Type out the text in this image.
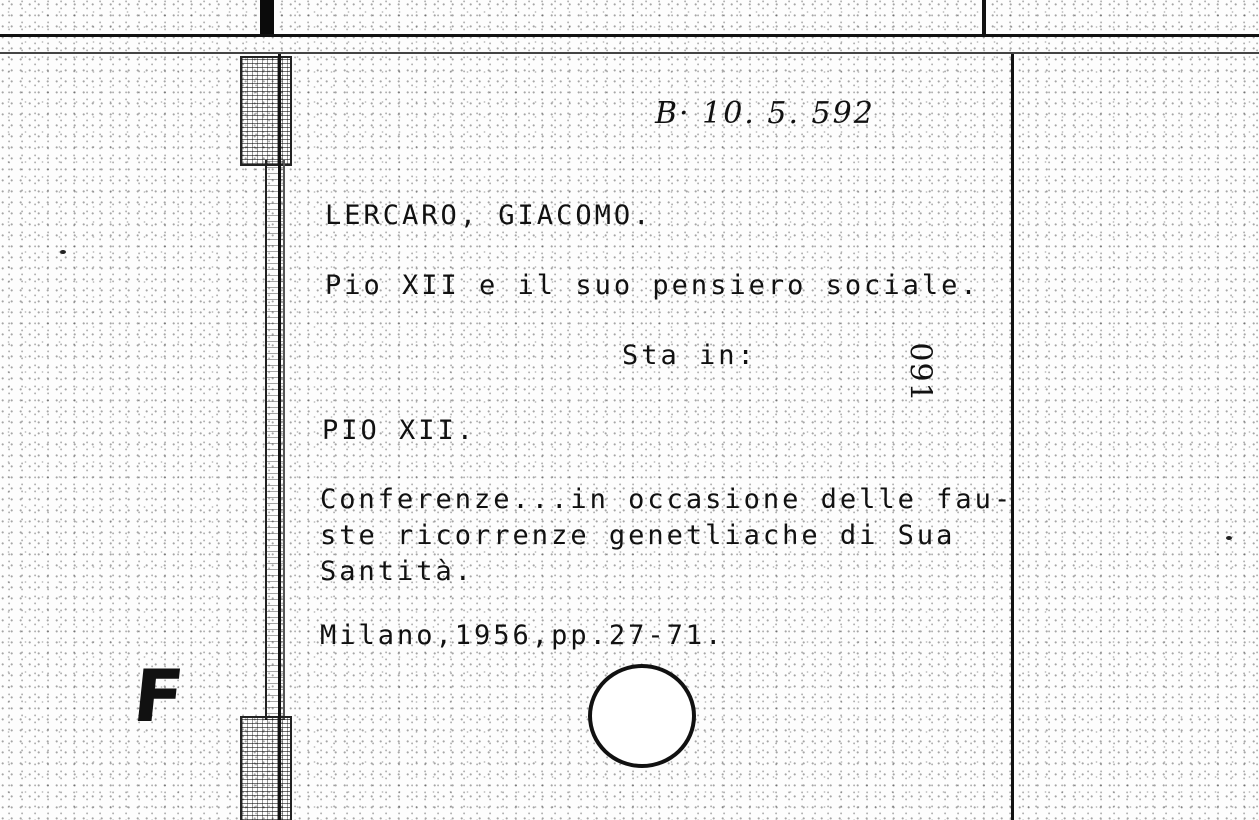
F
B· 10. 5. 592
LERCARO, GIACOMO.
Pio XII e il suo pensiero sociale.
Sta in:	091
PIO XII.
Conferenze...in occasione delle fau-
ste ricorrenze genetliache di Sua
Santità.
Milano,1956,pp.27-71.
